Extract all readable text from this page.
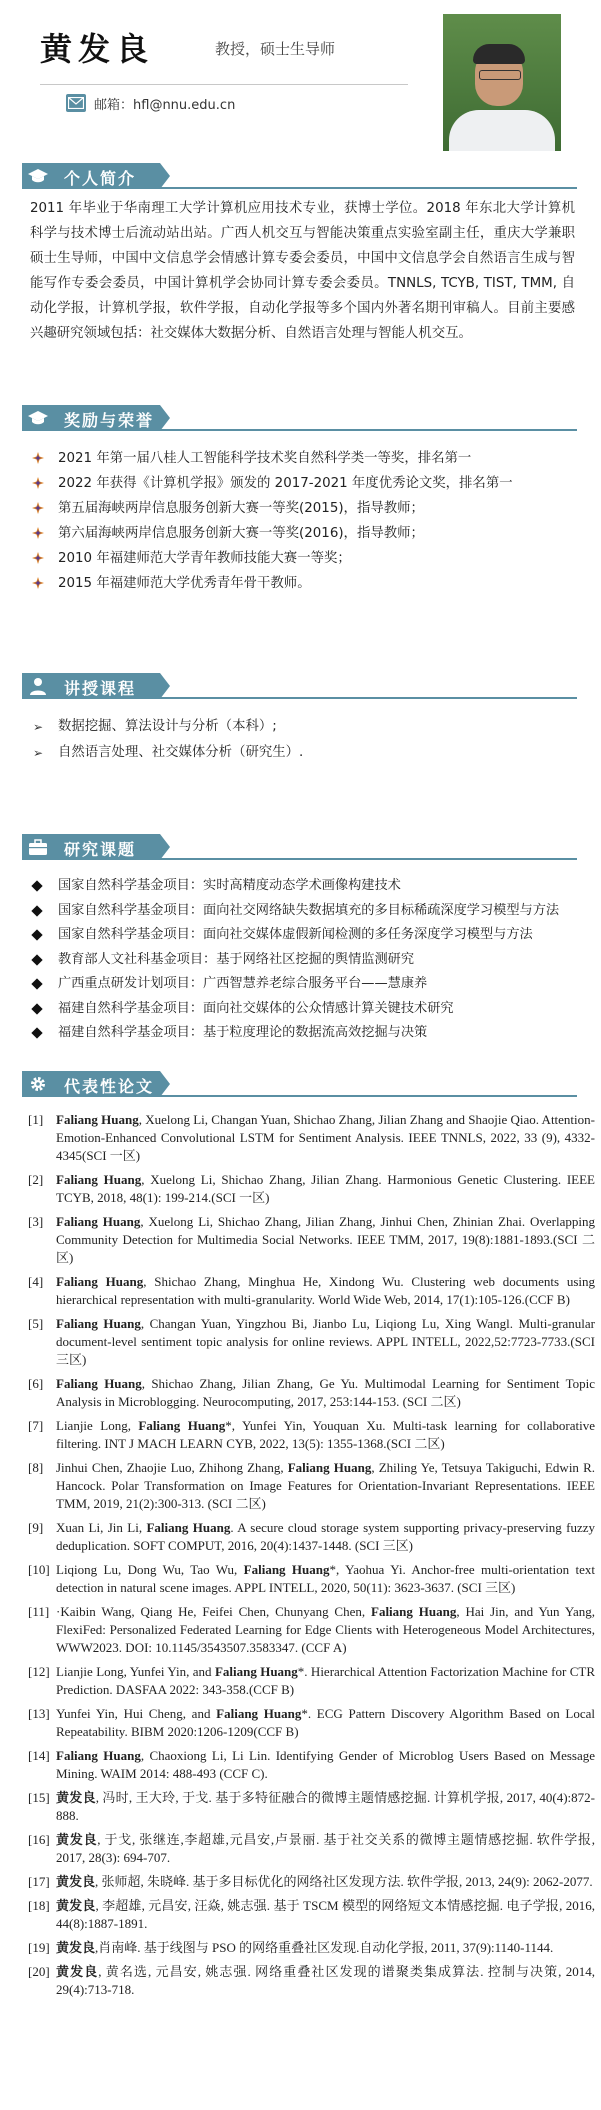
黄发良	教授，硕士生导师
邮箱：hfl@nnu.edu.cn
个人简介
2011 年毕业于华南理工大学计算机应用技术专业，获博士学位。2018 年东北大学计算机科学与技术博士后流动站出站。广西人机交互与智能决策重点实验室副主任，重庆大学兼职硕士生导师，中国中文信息学会情感计算专委会委员，中国中文信息学会自然语言生成与智能写作专委会委员，中国计算机学会协同计算专委会委员。TNNLS, TCYB, TIST, TMM, 自动化学报，计算机学报，软件学报，自动化学报等多个国内外著名期刊审稿人。目前主要感兴趣研究领域包括：社交媒体大数据分析、自然语言处理与智能人机交互。
奖励与荣誉
2021 年第一届八桂人工智能科学技术奖自然科学类一等奖，排名第一
2022 年获得《计算机学报》颁发的 2017-2021 年度优秀论文奖，排名第一
第五届海峡两岸信息服务创新大赛一等奖(2015)，指导教师；
第六届海峡两岸信息服务创新大赛一等奖(2016)，指导教师；
2010 年福建师范大学青年教师技能大赛一等奖；
2015 年福建师范大学优秀青年骨干教师。
讲授课程
➢ 数据挖掘、算法设计与分析（本科）;
➢ 自然语言处理、社交媒体分析（研究生）.
研究课题
国家自然科学基金项目：实时高精度动态学术画像构建技术
国家自然科学基金项目：面向社交网络缺失数据填充的多目标稀疏深度学习模型与方法
国家自然科学基金项目：面向社交媒体虚假新闻检测的多任务深度学习模型与方法
教育部人文社科基金项目：基于网络社区挖掘的舆情监测研究
广西重点研发计划项目：广西智慧养老综合服务平台——慧康养
福建自然科学基金项目：面向社交媒体的公众情感计算关键技术研究
福建自然科学基金项目：基于粒度理论的数据流高效挖掘与决策
代表性论文
[1] Faliang Huang, Xuelong Li, Changan Yuan, Shichao Zhang, Jilian Zhang and Shaojie Qiao. Attention-Emotion-Enhanced Convolutional LSTM for Sentiment Analysis. IEEE TNNLS, 2022, 33 (9), 4332-4345(SCI 一区)
[2] Faliang Huang, Xuelong Li, Shichao Zhang, Jilian Zhang. Harmonious Genetic Clustering. IEEE TCYB, 2018, 48(1): 199-214.(SCI 一区)
[3] Faliang Huang, Xuelong Li, Shichao Zhang, Jilian Zhang, Jinhui Chen, Zhinian Zhai. Overlapping Community Detection for Multimedia Social Networks. IEEE TMM, 2017, 19(8):1881-1893.(SCI 二区)
[4] Faliang Huang, Shichao Zhang, Minghua He, Xindong Wu. Clustering web documents using hierarchical representation with multi-granularity. World Wide Web, 2014, 17(1):105-126.(CCF B)
[5] Faliang Huang, Changan Yuan, Yingzhou Bi, Jianbo Lu, Liqiong Lu, Xing Wangl. Multi-granular document-level sentiment topic analysis for online reviews. APPL INTELL, 2022,52:7723-7733.(SCI 三区)
[6] Faliang Huang, Shichao Zhang, Jilian Zhang, Ge Yu. Multimodal Learning for Sentiment Topic Analysis in Microblogging. Neurocomputing, 2017, 253:144-153. (SCI 二区)
[7] Lianjie Long, Faliang Huang*, Yunfei Yin, Youquan Xu. Multi-task learning for collaborative filtering. INT J MACH LEARN CYB, 2022, 13(5): 1355-1368.(SCI 二区)
[8] Jinhui Chen, Zhaojie Luo, Zhihong Zhang, Faliang Huang, Zhiling Ye, Tetsuya Takiguchi, Edwin R. Hancock. Polar Transformation on Image Features for Orientation-Invariant Representations. IEEE TMM, 2019, 21(2):300-313. (SCI 二区)
[9] Xuan Li, Jin Li, Faliang Huang. A secure cloud storage system supporting privacy-preserving fuzzy deduplication. SOFT COMPUT, 2016, 20(4):1437-1448. (SCI 三区)
[10] Liqiong Lu, Dong Wu, Tao Wu, Faliang Huang*, Yaohua Yi. Anchor-free multi-orientation text detection in natural scene images. APPL INTELL, 2020, 50(11): 3623-3637. (SCI 三区)
[11] ·Kaibin Wang, Qiang He, Feifei Chen, Chunyang Chen, Faliang Huang, Hai Jin, and Yun Yang, FlexiFed: Personalized Federated Learning for Edge Clients with Heterogeneous Model Architectures, WWW2023. DOI: 10.1145/3543507.3583347. (CCF A)
[12] Lianjie Long, Yunfei Yin, and Faliang Huang*. Hierarchical Attention Factorization Machine for CTR Prediction. DASFAA 2022: 343-358.(CCF B)
[13] Yunfei Yin, Hui Cheng, and Faliang Huang*. ECG Pattern Discovery Algorithm Based on Local Repeatability. BIBM 2020:1206-1209(CCF B)
[14] Faliang Huang, Chaoxiong Li, Li Lin. Identifying Gender of Microblog Users Based on Message Mining. WAIM 2014: 488-493 (CCF C).
[15] 黄发良, 冯时, 王大玲, 于戈. 基于多特征融合的微博主题情感挖掘. 计算机学报, 2017, 40(4):872-888.
[16] 黄发良, 于戈, 张继连,李超雄,元昌安,卢景丽. 基于社交关系的微博主题情感挖掘. 软件学报, 2017, 28(3): 694-707.
[17] 黄发良, 张师超, 朱晓峰. 基于多目标优化的网络社区发现方法. 软件学报, 2013, 24(9): 2062-2077.
[18] 黄发良, 李超雄, 元昌安, 汪焱, 姚志强. 基于 TSCM 模型的网络短文本情感挖掘. 电子学报, 2016, 44(8):1887-1891.
[19] 黄发良,肖南峰. 基于线图与 PSO 的网络重叠社区发现.自动化学报, 2011, 37(9):1140-1144.
[20] 黄发良, 黄名选, 元昌安, 姚志强. 网络重叠社区发现的谱聚类集成算法. 控制与决策, 2014, 29(4):713-718.
